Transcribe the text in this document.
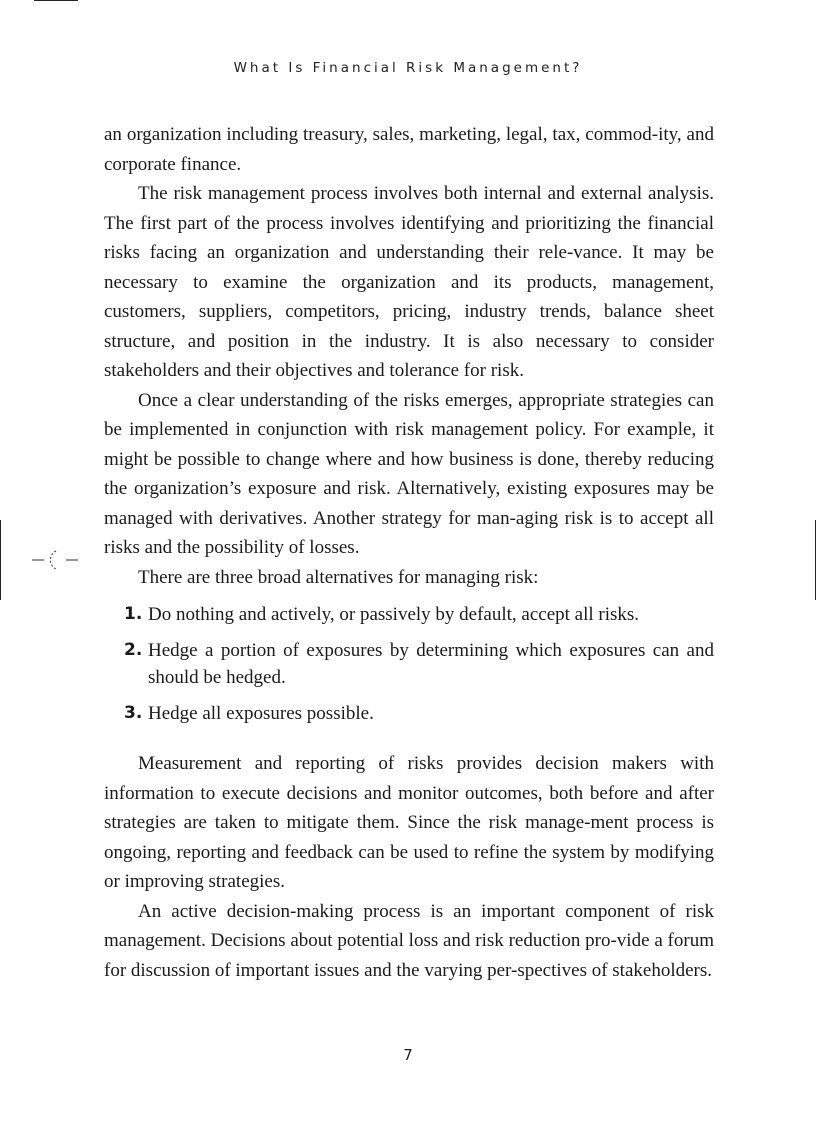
What Is Financial Risk Management?

an organization including treasury, sales, marketing, legal, tax, commod-ity, and corporate finance.

The risk management process involves both internal and external analysis. The first part of the process involves identifying and prioritizing the financial risks facing an organization and understanding their rele-vance. It may be necessary to examine the organization and its products, management, customers, suppliers, competitors, pricing, industry trends, balance sheet structure, and position in the industry. It is also necessary to consider stakeholders and their objectives and tolerance for risk.

Once a clear understanding of the risks emerges, appropriate strategies can be implemented in conjunction with risk management policy. For example, it might be possible to change where and how business is done, thereby reducing the organization’s exposure and risk. Alternatively, existing exposures may be managed with derivatives. Another strategy for man-aging risk is to accept all risks and the possibility of losses.

There are three broad alternatives for managing risk:

1. Do nothing and actively, or passively by default, accept all risks.
2. Hedge a portion of exposures by determining which exposures can and should be hedged.
3. Hedge all exposures possible.

Measurement and reporting of risks provides decision makers with information to execute decisions and monitor outcomes, both before and after strategies are taken to mitigate them. Since the risk manage-ment process is ongoing, reporting and feedback can be used to refine the system by modifying or improving strategies.

An active decision-making process is an important component of risk management. Decisions about potential loss and risk reduction pro-vide a forum for discussion of important issues and the varying per-spectives of stakeholders.

7
